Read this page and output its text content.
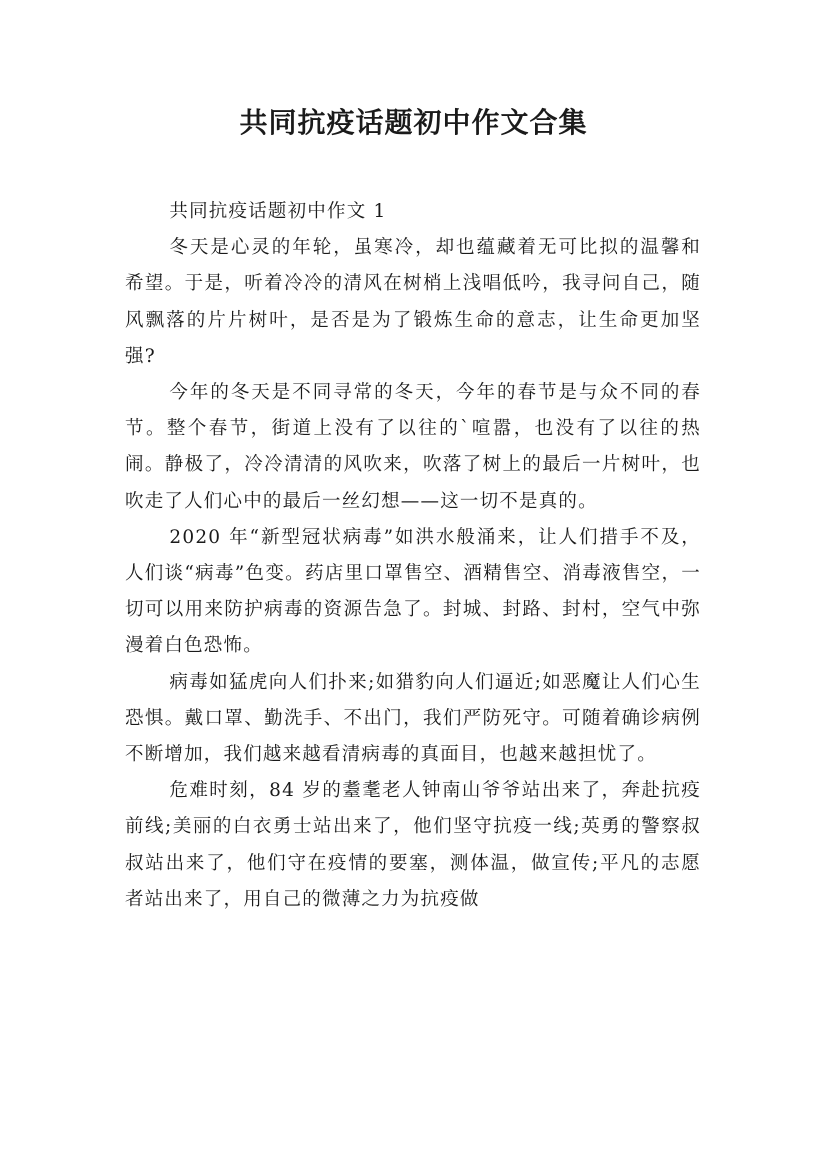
共同抗疫话题初中作文合集

共同抗疫话题初中作文 1

冬天是心灵的年轮，虽寒冷，却也蕴藏着无可比拟的温馨和希望。于是，听着冷冷的清风在树梢上浅唱低吟，我寻问自己，随风飘落的片片树叶，是否是为了锻炼生命的意志，让生命更加坚强?

今年的冬天是不同寻常的冬天，今年的春节是与众不同的春节。整个春节，街道上没有了以往的`喧嚣，也没有了以往的热闹。静极了，冷冷清清的风吹来，吹落了树上的最后一片树叶，也吹走了人们心中的最后一丝幻想——这一切不是真的。

2020 年“新型冠状病毒”如洪水般涌来，让人们措手不及，人们谈“病毒”色变。药店里口罩售空、酒精售空、消毒液售空，一切可以用来防护病毒的资源告急了。封城、封路、封村，空气中弥漫着白色恐怖。

病毒如猛虎向人们扑来;如猎豹向人们逼近;如恶魔让人们心生恐惧。戴口罩、勤洗手、不出门，我们严防死守。可随着确诊病例不断增加，我们越来越看清病毒的真面目，也越来越担忧了。

危难时刻，84 岁的耋耄老人钟南山爷爷站出来了，奔赴抗疫前线;美丽的白衣勇士站出来了，他们坚守抗疫一线;英勇的警察叔叔站出来了，他们守在疫情的要塞，测体温，做宣传;平凡的志愿者站出来了，用自己的微薄之力为抗疫做
